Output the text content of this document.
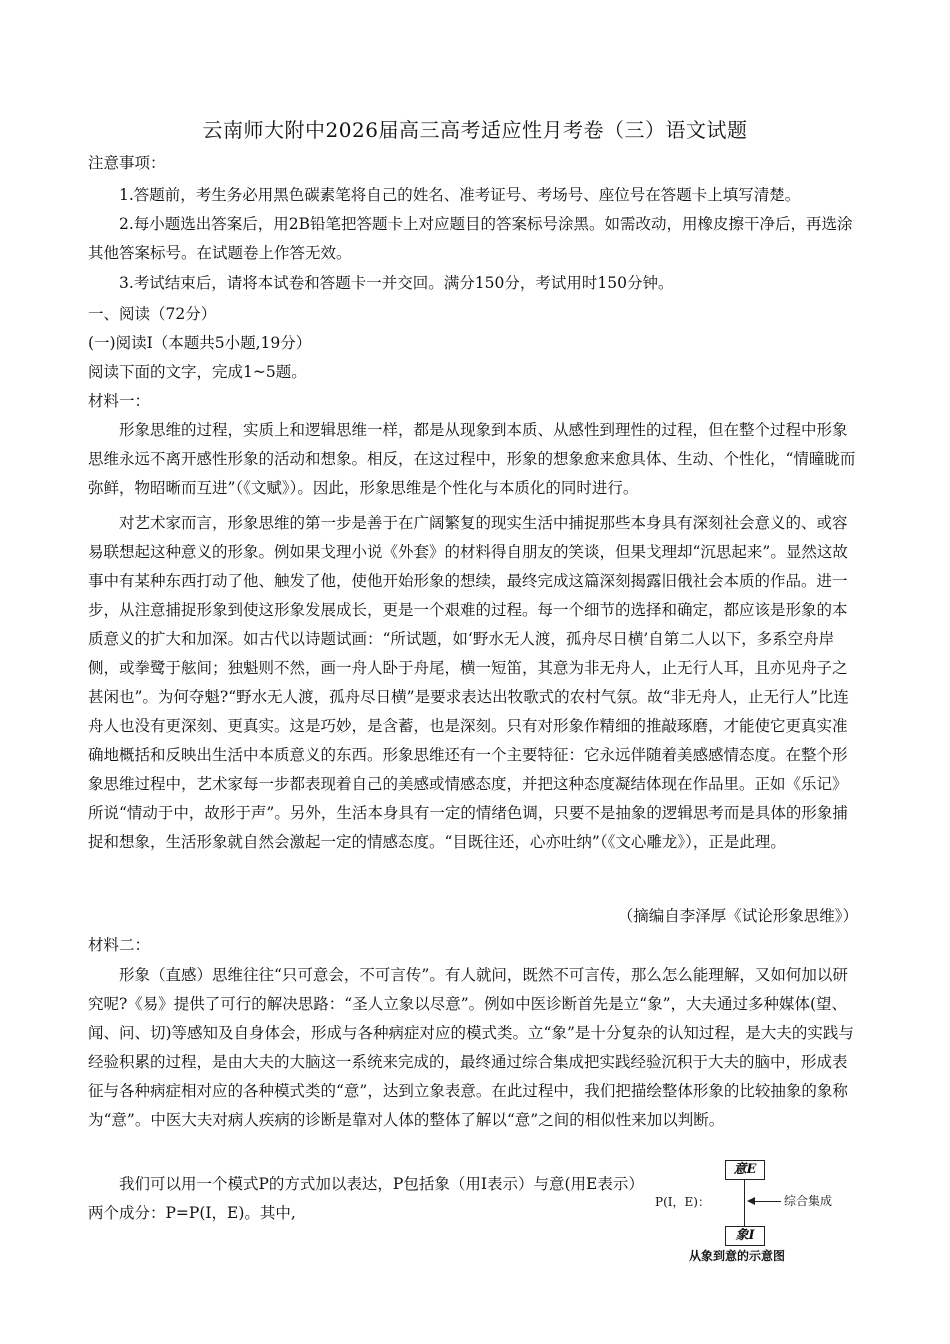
云南师大附中2026届高三高考适应性月考卷（三）语文试题
注意事项：

1.答题前，考生务必用黑色碳素笔将自己的姓名、准考证号、考场号、座位号在答题卡上填写清楚。

2.每小题选出答案后，用2B铅笔把答题卡上对应题目的答案标号涂黑。如需改动，用橡皮擦干净后，再选涂其他答案标号。在试题卷上作答无效。

3.考试结束后，请将本试卷和答题卡一并交回。满分150分，考试用时150分钟。

一、阅读（72分）
(一)阅读Ⅰ（本题共5小题,19分）
阅读下面的文字，完成1~5题。
材料一：

形象思维的过程，实质上和逻辑思维一样，都是从现象到本质、从感性到理性的过程，但在整个过程中形象思维永远不离开感性形象的活动和想象。相反，在这过程中，形象的想象愈来愈具体、生动、个性化，“情曈昽而弥鲜，物昭晰而互进”（《文赋》）。因此，形象思维是个性化与本质化的同时进行。

对艺术家而言，形象思维的第一步是善于在广阔繁复的现实生活中捕捉那些本身具有深刻社会意义的、或容易联想起这种意义的形象。例如果戈理小说《外套》的材料得自朋友的笑谈，但果戈理却“沉思起来”。显然这故事中有某种东西打动了他、触发了他，使他开始形象的想续，最终完成这篇深刻揭露旧俄社会本质的作品。进一步，从注意捕捉形象到使这形象发展成长，更是一个艰难的过程。每一个细节的选择和确定，都应该是形象的本质意义的扩大和加深。如古代以诗题试画：“所试题，如‘野水无人渡，孤舟尽日横’自第二人以下，多系空舟岸侧，或拳鹭于舷间；独魁则不然，画一舟人卧于舟尾，横一短笛，其意为非无舟人，止无行人耳，且亦见舟子之甚闲也”。为何夺魁?“野水无人渡，孤舟尽日横”是要求表达出牧歌式的农村气氛。故“非无舟人，止无行人”比连舟人也没有更深刻、更真实。这是巧妙，是含蓄，也是深刻。只有对形象作精细的推敲琢磨，才能使它更真实准确地概括和反映出生活中本质意义的东西。形象思维还有一个主要特征：它永远伴随着美感感情态度。在整个形象思维过程中，艺术家每一步都表现着自己的美感或情感态度，并把这种态度凝结体现在作品里。正如《乐记》所说“情动于中，故形于声”。另外，生活本身具有一定的情绪色调，只要不是抽象的逻辑思考而是具体的形象捕捉和想象，生活形象就自然会激起一定的情感态度。“目既往还，心亦吐纳”（《文心雕龙》），正是此理。

（摘编自李泽厚《试论形象思维》）
材料二：

形象（直感）思维往往“只可意会，不可言传”。有人就问，既然不可言传，那么怎么能理解，又如何加以研究呢?《易》提供了可行的解决思路：“圣人立象以尽意”。例如中医诊断首先是立“象”，大夫通过多种媒体(望、闻、问、切)等感知及自身体会，形成与各种病症对应的模式类。立“象”是十分复杂的认知过程，是大夫的实践与经验积累的过程，是由大夫的大脑这一系统来完成的，最终通过综合集成把实践经验沉积于大夫的脑中，形成表征与各种病症相对应的各种模式类的“意”，达到立象表意。在此过程中，我们把描绘整体形象的比较抽象的象称为“意”。中医大夫对病人疾病的诊断是靠对人体的整体了解以“意”之间的相似性来加以判断。

我们可以用一个模式P的方式加以表达，P包括象（用I表示）与意(用E表示）两个成分：P=P(I，E)。其中,

P(I，E)：
意E
综合集成
象I
从象到意的示意图
